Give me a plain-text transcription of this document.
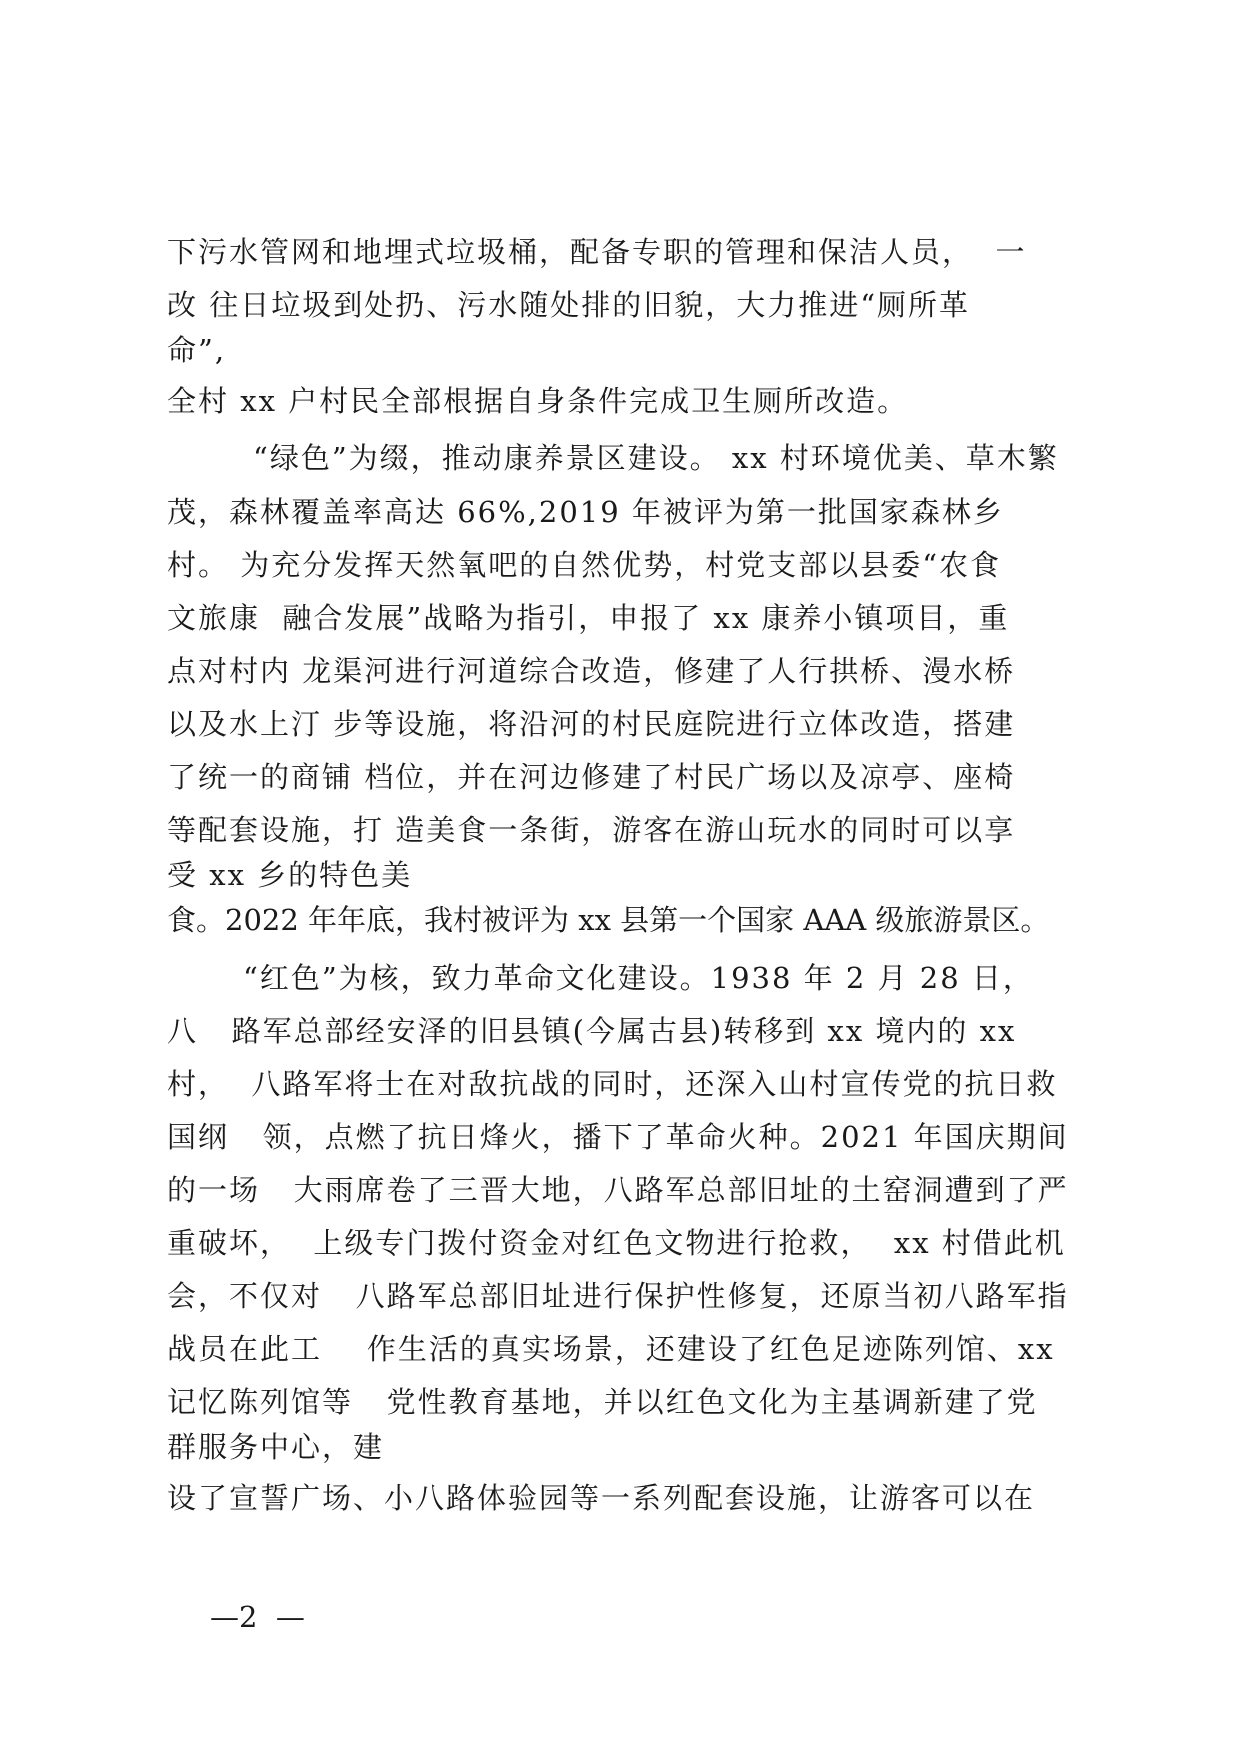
下污水管网和地埋式垃圾桶，配备专职的管理和保洁人员，  一
改 往日垃圾到处扔、污水随处排的旧貌，大力推进“厕所革
命”,
全村 xx 户村民全部根据自身条件完成卫生厕所改造。
“绿色”为缀，推动康养景区建设。 xx 村环境优美、草木繁
茂，森林覆盖率高达 66%,2019 年被评为第一批国家森林乡
村。 为充分发挥天然氧吧的自然优势，村党支部以县委“农食
文旅康  融合发展”战略为指引，申报了 xx 康养小镇项目，重
点对村内 龙渠河进行河道综合改造，修建了人行拱桥、漫水桥
以及水上汀 步等设施，将沿河的村民庭院进行立体改造，搭建
了统一的商铺 档位，并在河边修建了村民广场以及凉亭、座椅
等配套设施，打 造美食一条街，游客在游山玩水的同时可以享
受 xx 乡的特色美
食。2022 年年底，我村被评为 xx 县第一个国家 AAA 级旅游景区。
“红色”为核，致力革命文化建设。1938 年 2 月 28 日，
八   路军总部经安泽的旧县镇(今属古县)转移到 xx 境内的 xx
村，  八路军将士在对敌抗战的同时，还深入山村宣传党的抗日救
国纲   领，点燃了抗日烽火，播下了革命火种。2021 年国庆期间
的一场   大雨席卷了三晋大地，八路军总部旧址的土窑洞遭到了严
重破坏，  上级专门拨付资金对红色文物进行抢救，  xx 村借此机
会，不仅对   八路军总部旧址进行保护性修复，还原当初八路军指
战员在此工    作生活的真实场景，还建设了红色足迹陈列馆、xx
记忆陈列馆等   党性教育基地，并以红色文化为主基调新建了党
群服务中心，建
设了宣誓广场、小八路体验园等一系列配套设施，让游客可以在
—2  —
